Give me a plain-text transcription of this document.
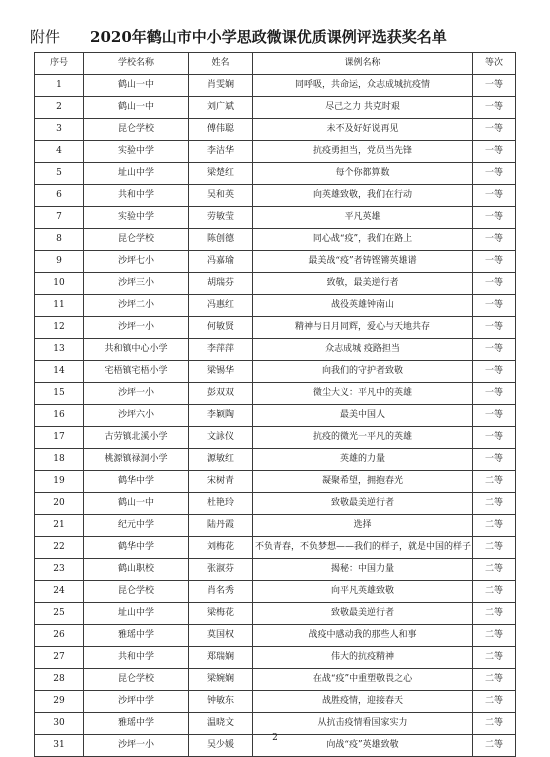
附件 2020年鹤山市中小学思政微课优质课例评选获奖名单
序号	学校名称	姓名	课例名称	等次
1	鹤山一中	肖雯娴	同呼吸，共命运，众志成城抗疫情	一等
2	鹤山一中	刘广斌	尽己之力 共克时艰	一等
3	昆仑学校	傅伟聪	未不及好好说再见	一等
4	实验中学	李洁华	抗疫勇担当，党员当先锋	一等
5	址山中学	梁楚红	每个你都算数	一等
6	共和中学	吴和英	向英雄致敬，我们在行动	一等
7	实验中学	劳敏莹	平凡英雄	一等
8	昆仑学校	陈创德	同心战“疫”，我们在路上	一等
9	沙坪七小	冯嘉瑜	最美战“疫”者铸铿锵英雄谱	一等
10	沙坪三小	胡瑞芬	致敬，最美逆行者	一等
11	沙坪二小	冯惠红	战役英雄钟南山	一等
12	沙坪一小	何敏贤	精神与日月同辉，爱心与天地共存	一等
13	共和镇中心小学	李萍萍	众志成城 疫路担当	一等
14	宅梧镇宅梧小学	梁锡华	向我们的守护者致敬	一等
15	沙坪一小	彭双双	微尘大义：平凡中的英雄	一等
16	沙坪六小	李颖陶	最美中国人	一等
17	古劳镇北溪小学	文詠仪	抗疫的微光一平凡的英雄	一等
18	桃源镇禄洞小学	源敏红	英雄的力量	一等
19	鹤华中学	宋树青	凝聚希望，拥抱春光	二等
20	鹤山一中	杜艳玲	致敬最美逆行者	二等
21	纪元中学	陆丹霞	选择	二等
22	鹤华中学	刘梅花	不负青春，不负梦想——我们的样子，就是中国的样子	二等
23	鹤山职校	张淑芬	揭秘：中国力量	二等
24	昆仑学校	肖名秀	向平凡英雄致敬	二等
25	址山中学	梁梅花	致敬最美逆行者	二等
26	雅瑶中学	莫国权	战疫中感动我的那些人和事	二等
27	共和中学	郑瑞娴	伟大的抗疫精神	二等
28	昆仑学校	梁婉娴	在战“疫”中重塑敬畏之心	二等
29	沙坪中学	钟敏东	战胜疫情，迎接春天	二等
30	雅瑶中学	温晓文	从抗击疫情看国家实力	二等
31	沙坪一小	吴少媛	向战“疫”英雄致敬	二等
2
